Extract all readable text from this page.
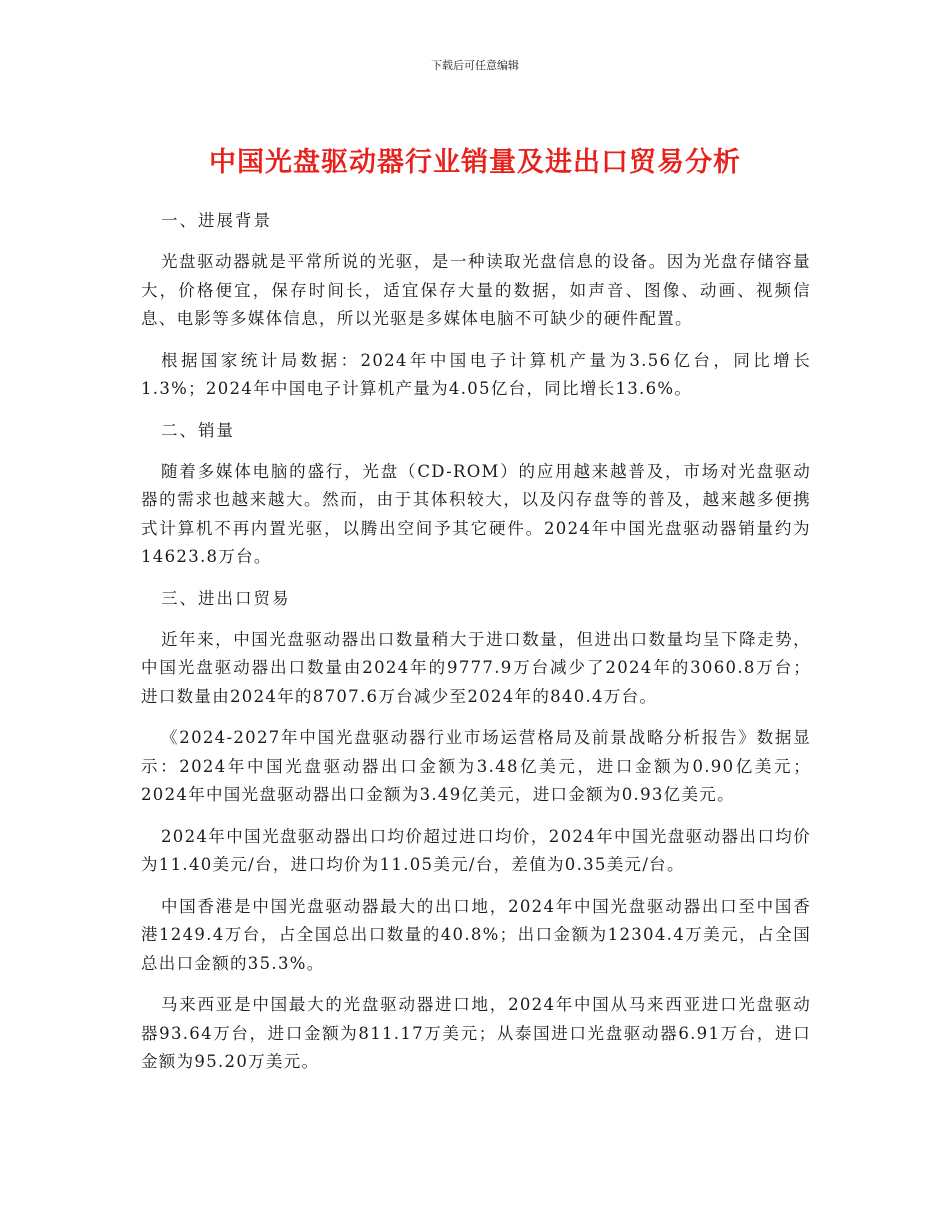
下载后可任意编辑
中国光盘驱动器行业销量及进出口贸易分析
一、进展背景

光盘驱动器就是平常所说的光驱，是一种读取光盘信息的设备。因为光盘存储容量大，价格便宜，保存时间长，适宜保存大量的数据，如声音、图像、动画、视频信息、电影等多媒体信息，所以光驱是多媒体电脑不可缺少的硬件配置。

根据国家统计局数据：2024年中国电子计算机产量为3.56亿台，同比增长1.3%；2024年中国电子计算机产量为4.05亿台，同比增长13.6%。

二、销量

随着多媒体电脑的盛行，光盘（CD-ROM）的应用越来越普及，市场对光盘驱动器的需求也越来越大。然而，由于其体积较大，以及闪存盘等的普及，越来越多便携式计算机不再内置光驱，以腾出空间予其它硬件。2024年中国光盘驱动器销量约为14623.8万台。

三、进出口贸易

近年来，中国光盘驱动器出口数量稍大于进口数量，但进出口数量均呈下降走势，中国光盘驱动器出口数量由2024年的9777.9万台减少了2024年的3060.8万台；进口数量由2024年的8707.6万台减少至2024年的840.4万台。

《2024-2027年中国光盘驱动器行业市场运营格局及前景战略分析报告》数据显示：2024年中国光盘驱动器出口金额为3.48亿美元，进口金额为0.90亿美元；2024年中国光盘驱动器出口金额为3.49亿美元，进口金额为0.93亿美元。

2024年中国光盘驱动器出口均价超过进口均价，2024年中国光盘驱动器出口均价为11.40美元/台，进口均价为11.05美元/台，差值为0.35美元/台。

中国香港是中国光盘驱动器最大的出口地，2024年中国光盘驱动器出口至中国香港1249.4万台，占全国总出口数量的40.8%；出口金额为12304.4万美元，占全国总出口金额的35.3%。

马来西亚是中国最大的光盘驱动器进口地，2024年中国从马来西亚进口光盘驱动器93.64万台，进口金额为811.17万美元；从泰国进口光盘驱动器6.91万台，进口金额为95.20万美元。
